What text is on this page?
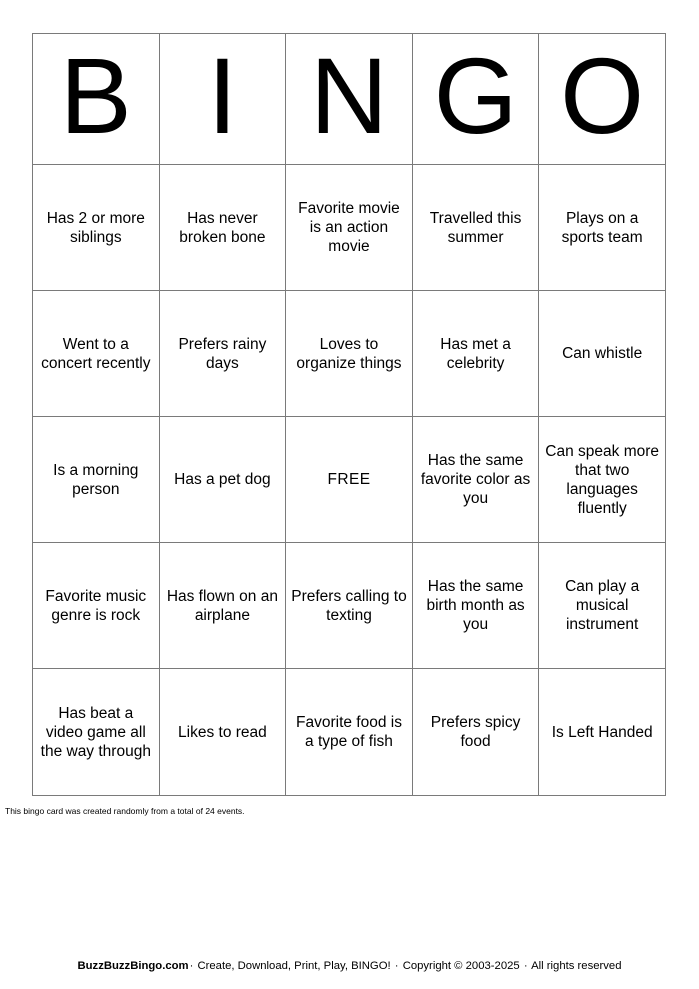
B I N G O
Has 2 or more siblings
Has never broken bone
Favorite movie is an action movie
Travelled this summer
Plays on a sports team
Went to a concert recently
Prefers rainy days
Loves to organize things
Has met a celebrity
Can whistle
Is a morning person
Has a pet dog	FREE
Has the same favorite color as you
Can speak more that two languages fluently
Favorite music genre is rock
Has flown on an airplane
Prefers calling to texting
Has the same birth month as you
Can play a musical instrument
Has beat a video game all the way through
Likes to read
Favorite food is a type of fish
Prefers spicy food
Is Left Handed
This bingo card was created randomly from a total of 24 events.
BuzzBuzzBingo.com· Create, Download, Print, Play, BINGO! · Copyright © 2003-2025 · All rights reserved
